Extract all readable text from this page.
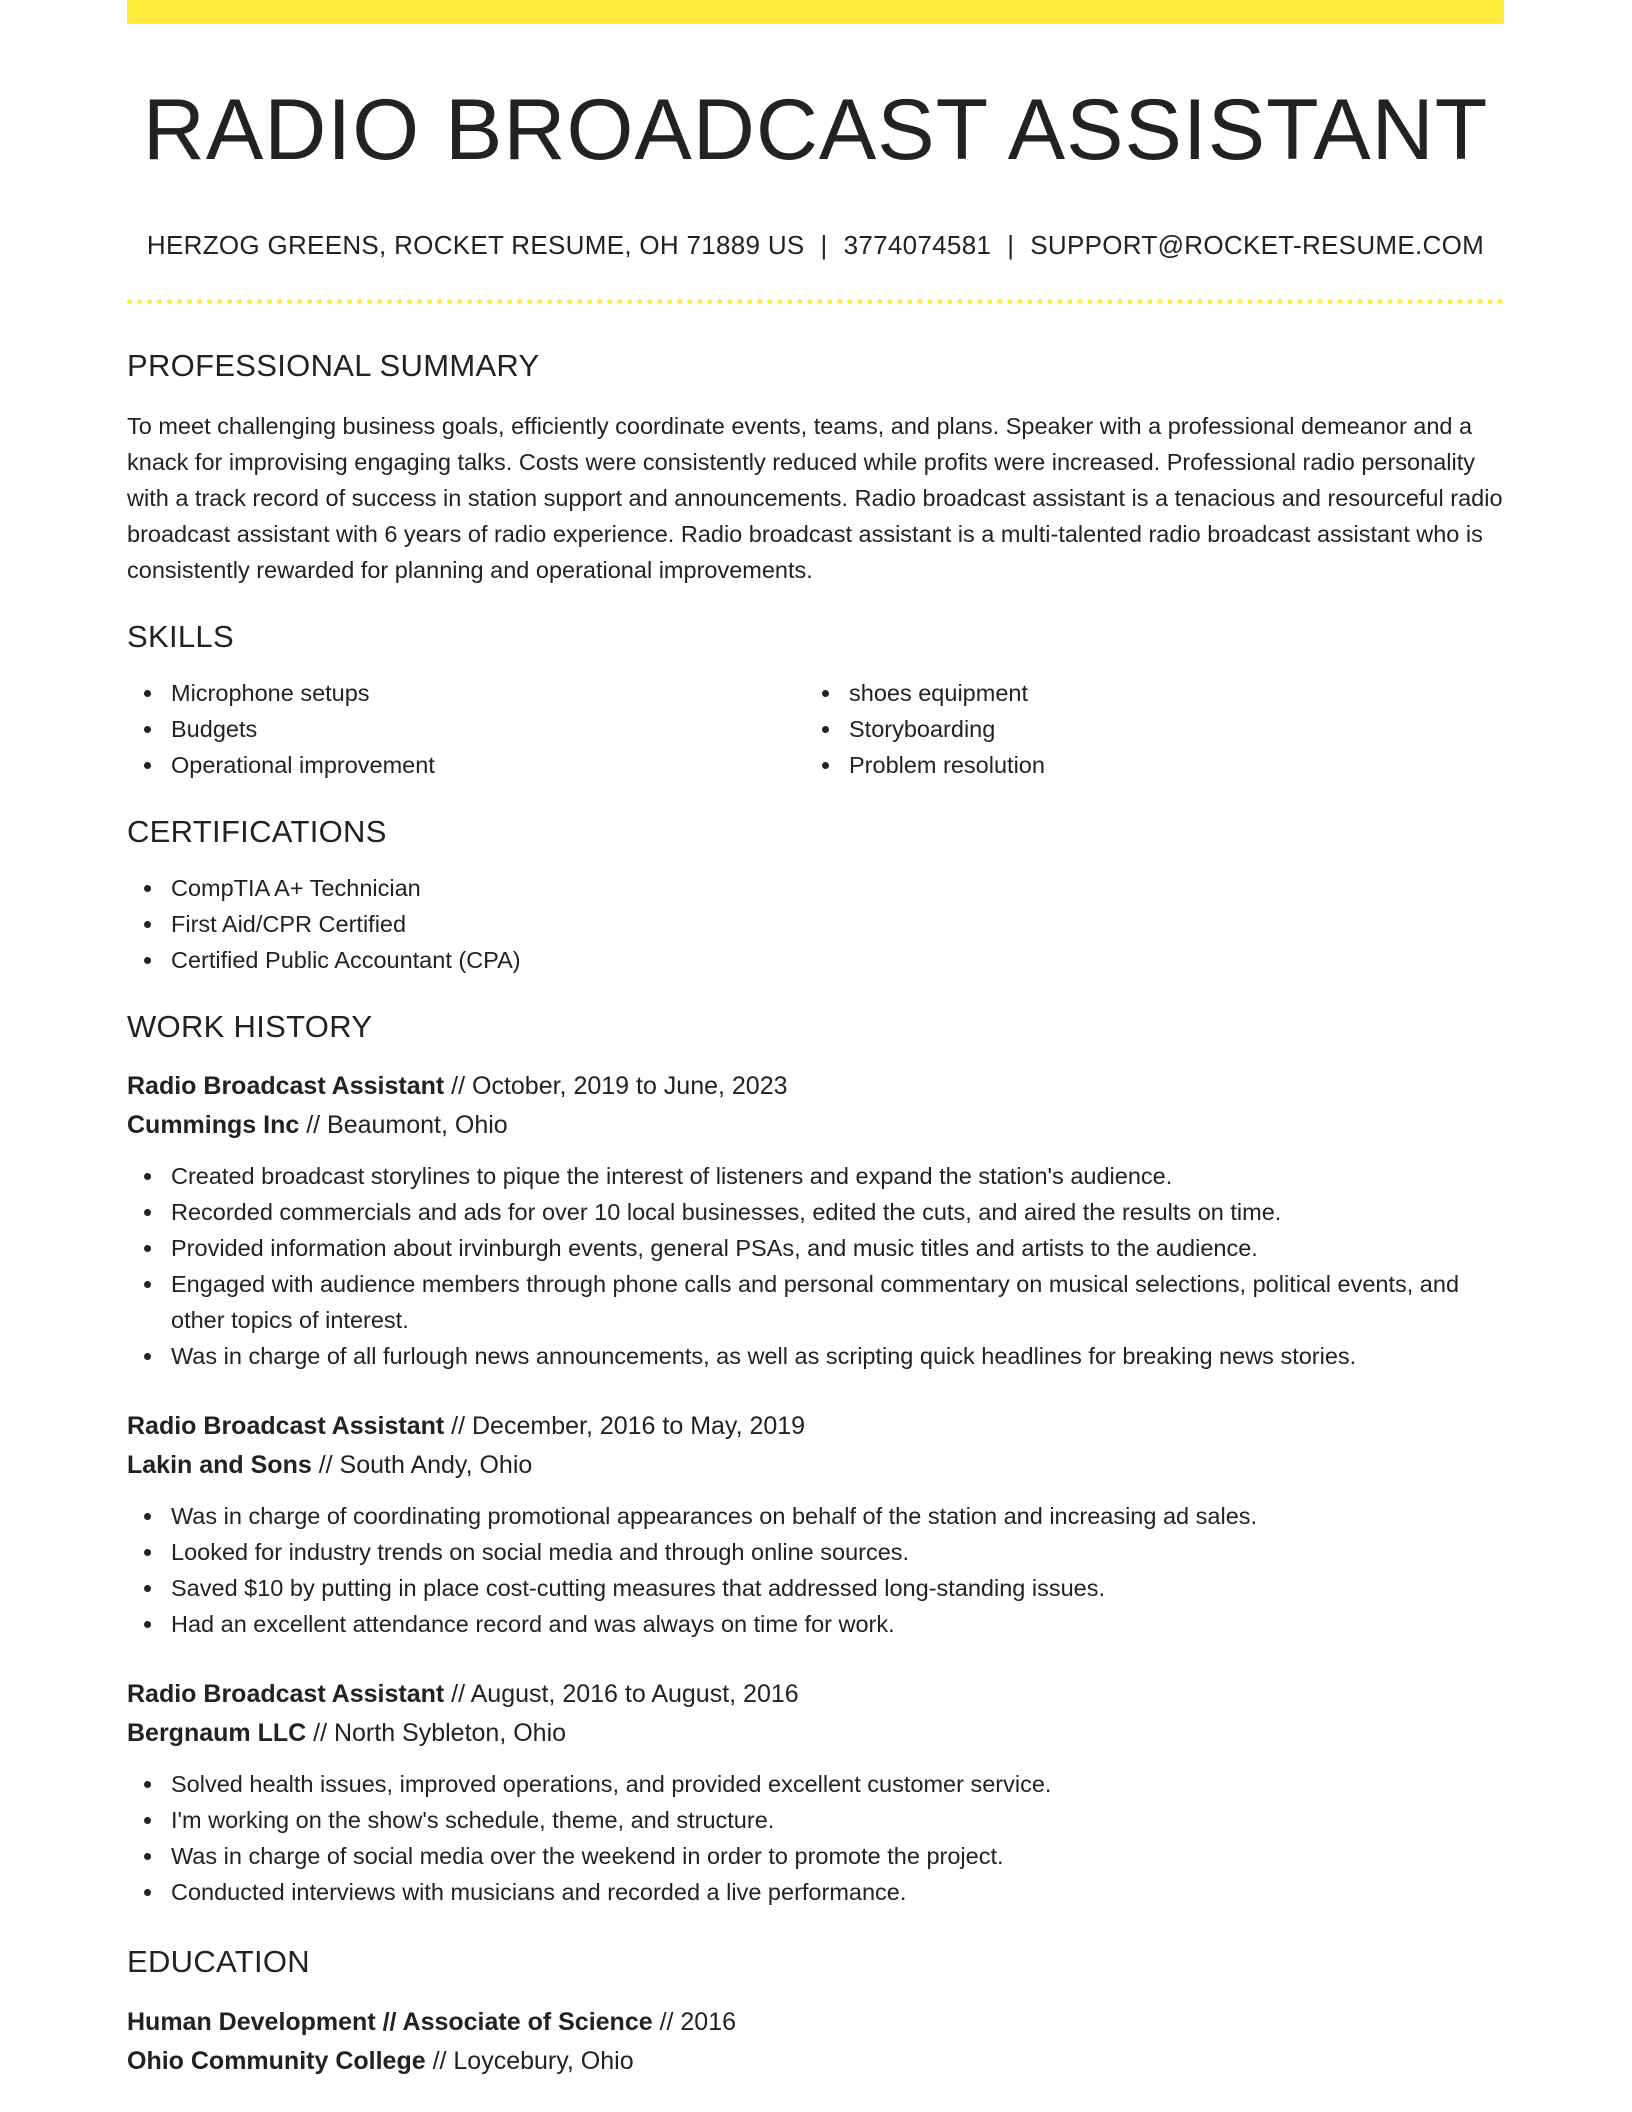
RADIO BROADCAST ASSISTANT
HERZOG GREENS, ROCKET RESUME, OH 71889 US | 3774074581 | SUPPORT@ROCKET-RESUME.COM
PROFESSIONAL SUMMARY

To meet challenging business goals, efficiently coordinate events, teams, and plans. Speaker with a professional demeanor and a knack for improvising engaging talks. Costs were consistently reduced while profits were increased. Professional radio personality with a track record of success in station support and announcements. Radio broadcast assistant is a tenacious and resourceful radio broadcast assistant with 6 years of radio experience. Radio broadcast assistant is a multi-talented radio broadcast assistant who is consistently rewarded for planning and operational improvements.

SKILLS
Microphone setups
Budgets
Operational improvement
shoes equipment
Storyboarding
Problem resolution
CERTIFICATIONS
CompTIA A+ Technician
First Aid/CPR Certified
Certified Public Accountant (CPA)
WORK HISTORY
Radio Broadcast Assistant // October, 2019 to June, 2023
Cummings Inc // Beaumont, Ohio
Created broadcast storylines to pique the interest of listeners and expand the station's audience.
Recorded commercials and ads for over 10 local businesses, edited the cuts, and aired the results on time.
Provided information about irvinburgh events, general PSAs, and music titles and artists to the audience.
Engaged with audience members through phone calls and personal commentary on musical selections, political events, and other topics of interest.
Was in charge of all furlough news announcements, as well as scripting quick headlines for breaking news stories.
Radio Broadcast Assistant // December, 2016 to May, 2019
Lakin and Sons // South Andy, Ohio
Was in charge of coordinating promotional appearances on behalf of the station and increasing ad sales.
Looked for industry trends on social media and through online sources.
Saved $10 by putting in place cost-cutting measures that addressed long-standing issues.
Had an excellent attendance record and was always on time for work.
Radio Broadcast Assistant // August, 2016 to August, 2016
Bergnaum LLC // North Sybleton, Ohio
Solved health issues, improved operations, and provided excellent customer service.
I'm working on the show's schedule, theme, and structure.
Was in charge of social media over the weekend in order to promote the project.
Conducted interviews with musicians and recorded a live performance.
EDUCATION
Human Development // Associate of Science // 2016
Ohio Community College // Loycebury, Ohio
